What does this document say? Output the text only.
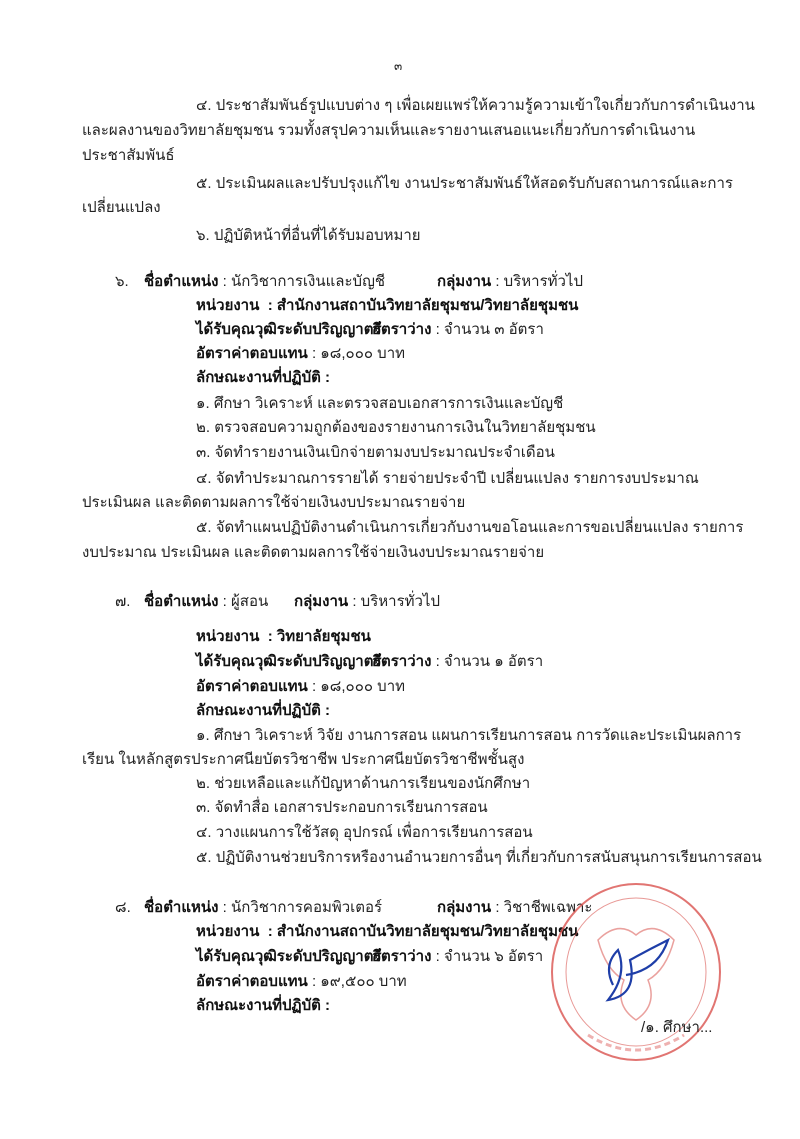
๓
๔. ประชาสัมพันธ์รูปแบบต่าง ๆ เพื่อเผยแพร่ให้ความรู้ความเข้าใจเกี่ยวกับการดำเนินงาน
และผลงานของวิทยาลัยชุมชน รวมทั้งสรุปความเห็นและรายงานเสนอแนะเกี่ยวกับการดำเนินงาน
ประชาสัมพันธ์
๕. ประเมินผลและปรับปรุงแก้ไข งานประชาสัมพันธ์ให้สอดรับกับสถานการณ์และการ
เปลี่ยนแปลง
๖. ปฏิบัติหน้าที่อื่นที่ได้รับมอบหมาย
๖. ชื่อตำแหน่ง : นักวิชาการเงินและบัญชี	กลุ่มงาน : บริหารทั่วไป
หน่วยงาน : สำนักงานสถาบันวิทยาลัยชุมชน/วิทยาลัยชุมชน
ได้รับคุณวุฒิระดับปริญญาตรี
อัตราว่าง : จำนวน ๓ อัตรา
อัตราค่าตอบแทน : ๑๘,๐๐๐ บาท
ลักษณะงานที่ปฏิบัติ :
๑. ศึกษา วิเคราะห์ และตรวจสอบเอกสารการเงินและบัญชี
๒. ตรวจสอบความถูกต้องของรายงานการเงินในวิทยาลัยชุมชน
๓. จัดทำรายงานเงินเบิกจ่ายตามงบประมาณประจำเดือน
๔. จัดทำประมาณการรายได้ รายจ่ายประจำปี เปลี่ยนแปลง รายการงบประมาณ
ประเมินผล และติดตามผลการใช้จ่ายเงินงบประมาณรายจ่าย
๕. จัดทำแผนปฏิบัติงานดำเนินการเกี่ยวกับงานขอโอนและการขอเปลี่ยนแปลง รายการ
งบประมาณ ประเมินผล และติดตามผลการใช้จ่ายเงินงบประมาณรายจ่าย
๗. ชื่อตำแหน่ง : ผู้สอน กลุ่มงาน : บริหารทั่วไป
หน่วยงาน : วิทยาลัยชุมชน
ได้รับคุณวุฒิระดับปริญญาตรี
อัตราว่าง : จำนวน ๑ อัตรา
อัตราค่าตอบแทน : ๑๘,๐๐๐ บาท
ลักษณะงานที่ปฏิบัติ :
๑. ศึกษา วิเคราะห์ วิจัย งานการสอน แผนการเรียนการสอน การวัดและประเมินผลการ
เรียน ในหลักสูตรประกาศนียบัตรวิชาชีพ ประกาศนียบัตรวิชาชีพชั้นสูง
๒. ช่วยเหลือและแก้ปัญหาด้านการเรียนของนักศึกษา
๓. จัดทำสื่อ เอกสารประกอบการเรียนการสอน
๔. วางแผนการใช้วัสดุ อุปกรณ์ เพื่อการเรียนการสอน
๕. ปฏิบัติงานช่วยบริการหรืองานอำนวยการอื่นๆ ที่เกี่ยวกับการสนับสนุนการเรียนการสอน
๘. ชื่อตำแหน่ง : นักวิชาการคอมพิวเตอร์	กลุ่มงาน : วิชาชีพเฉพาะ
หน่วยงาน : สำนักงานสถาบันวิทยาลัยชุมชน/วิทยาลัยชุมชน
ได้รับคุณวุฒิระดับปริญญาตรี
อัตราว่าง : จำนวน ๖ อัตรา
อัตราค่าตอบแทน : ๑๙,๕๐๐ บาท
ลักษณะงานที่ปฏิบัติ :
/๑. ศึกษา...
